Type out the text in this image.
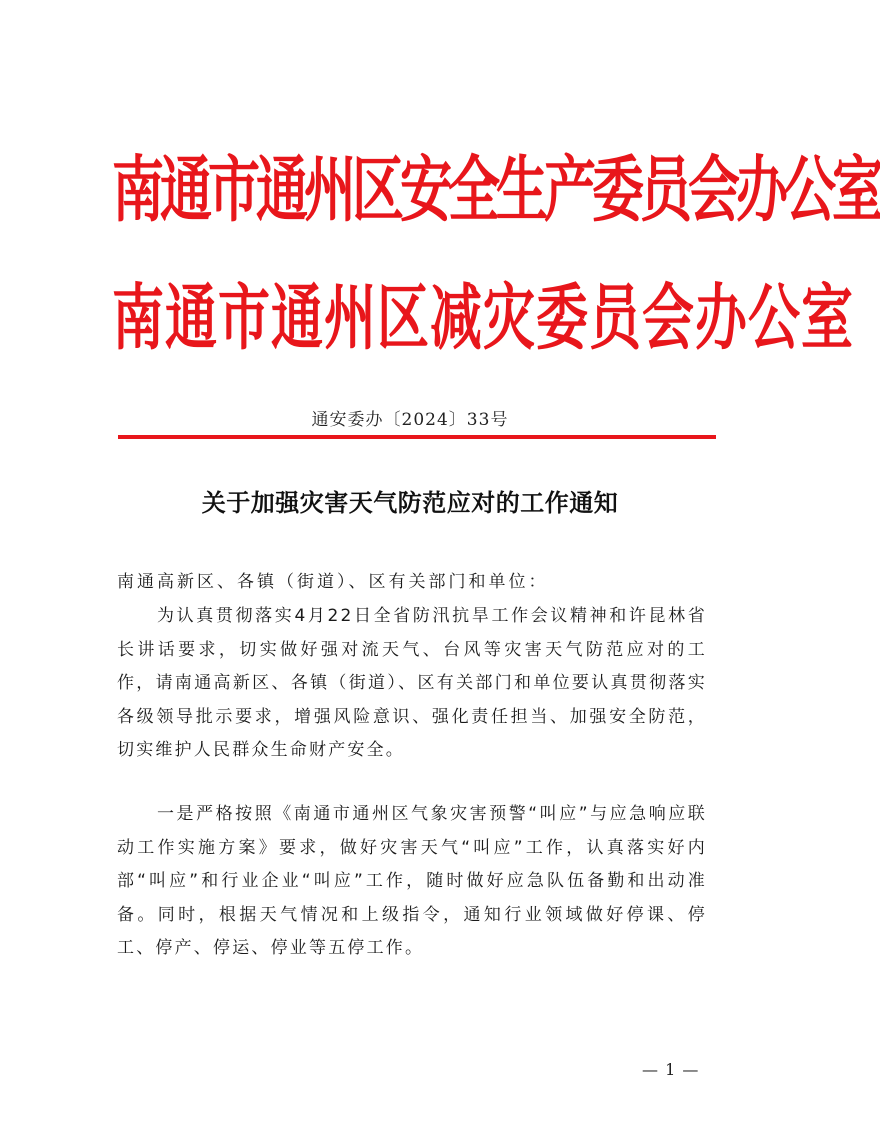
南通市通州区安全生产委员会办公室
南通市通州区减灾委员会办公室
通安委办〔2024〕33号
关于加强灾害天气防范应对的工作通知
南通高新区、各镇（街道）、区有关部门和单位：
为认真贯彻落实4月22日全省防汛抗旱工作会议精神和许昆林省长讲话要求，切实做好强对流天气、台风等灾害天气防范应对的工作，请南通高新区、各镇（街道）、区有关部门和单位要认真贯彻落实各级领导批示要求，增强风险意识、强化责任担当、加强安全防范，切实维护人民群众生命财产安全。
一是严格按照《南通市通州区气象灾害预警“叫应”与应急响应联动工作实施方案》要求，做好灾害天气“叫应”工作，认真落实好内部“叫应”和行业企业“叫应”工作，随时做好应急队伍备勤和出动准备。同时，根据天气情况和上级指令，通知行业领域做好停课、停工、停产、停运、停业等五停工作。
— 1 —
